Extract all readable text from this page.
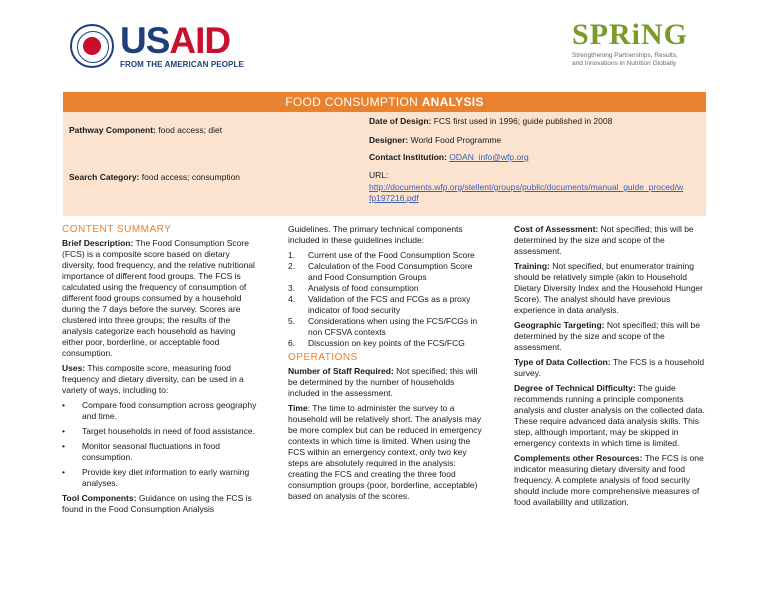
USAID
FROM THE AMERICAN PEOPLE
SPRiNG
Strengthening Partnerships, Results,
and Innovations in Nutrition Globally
FOOD CONSUMPTION ANALYSIS
Pathway Component: food access; diet
Search Category: food access; consumption
Date of Design: FCS first used in 1996; guide published in 2008
Designer: World Food Programme
Contact Institution: ODAN_info@wfp.org
URL:
http://documents.wfp.org/stellent/groups/public/documents/manual_guide_proced/w
fp197216.pdf
CONTENT SUMMARY
Brief Description: The Food Consumption Score (FCS) is a composite score based on dietary diversity, food frequency, and the relative nutritional importance of different food groups. The FCS is calculated using the frequency of consumption of different food groups consumed by a household during the 7 days before the survey. Scores are clustered into three groups; the results of the analysis categorize each household as having either poor, borderline, or acceptable food consumption.
Uses: This composite score, measuring food frequency and dietary diversity, can be used in a variety of ways, including to:
• Compare food consumption across geography and time.
• Target households in need of food assistance.
• Monitor seasonal fluctuations in food consumption.
• Provide key diet information to early warning analyses.
Tool Components: Guidance on using the FCS is found in the Food Consumption Analysis
Guidelines. The primary technical components included in these guidelines include:
1. Current use of the Food Consumption Score
2. Calculation of the Food Consumption Score and Food Consumption Groups
3. Analysis of food consumption
4. Validation of the FCS and FCGs as a proxy indicator of food security
5. Considerations when using the FCS/FCGs in non CFSVA contexts
6. Discussion on key points of the FCS/FCG
OPERATIONS
Number of Staff Required: Not specified; this will be determined by the number of households included in the assessment.
Time: The time to administer the survey to a household will be relatively short. The analysis may be more complex but can be reduced in emergency contexts in which time is limited. When using the FCS within an emergency context, only two key steps are absolutely required in the analysis: creating the FCS and creating the three food consumption groups (poor, borderline, acceptable) based on analysis of the scores.
Cost of Assessment: Not specified; this will be determined by the size and scope of the assessment.
Training: Not specified, but enumerator training should be relatively simple (akin to Household Dietary Diversity Index and the Household Hunger Score). The analyst should have previous experience in data analysis.
Geographic Targeting: Not specified; this will be determined by the size and scope of the assessment.
Type of Data Collection: The FCS is a household survey.
Degree of Technical Difficulty: The guide recommends running a principle components analysis and cluster analysis on the collected data. These require advanced data analysis skills. This step, although important, may be skipped in emergency contexts in which time is limited.
Complements other Resources: The FCS is one indicator measuring dietary diversity and food frequency. A complete analysis of food security should include more comprehensive measures of food availability and utilization.
